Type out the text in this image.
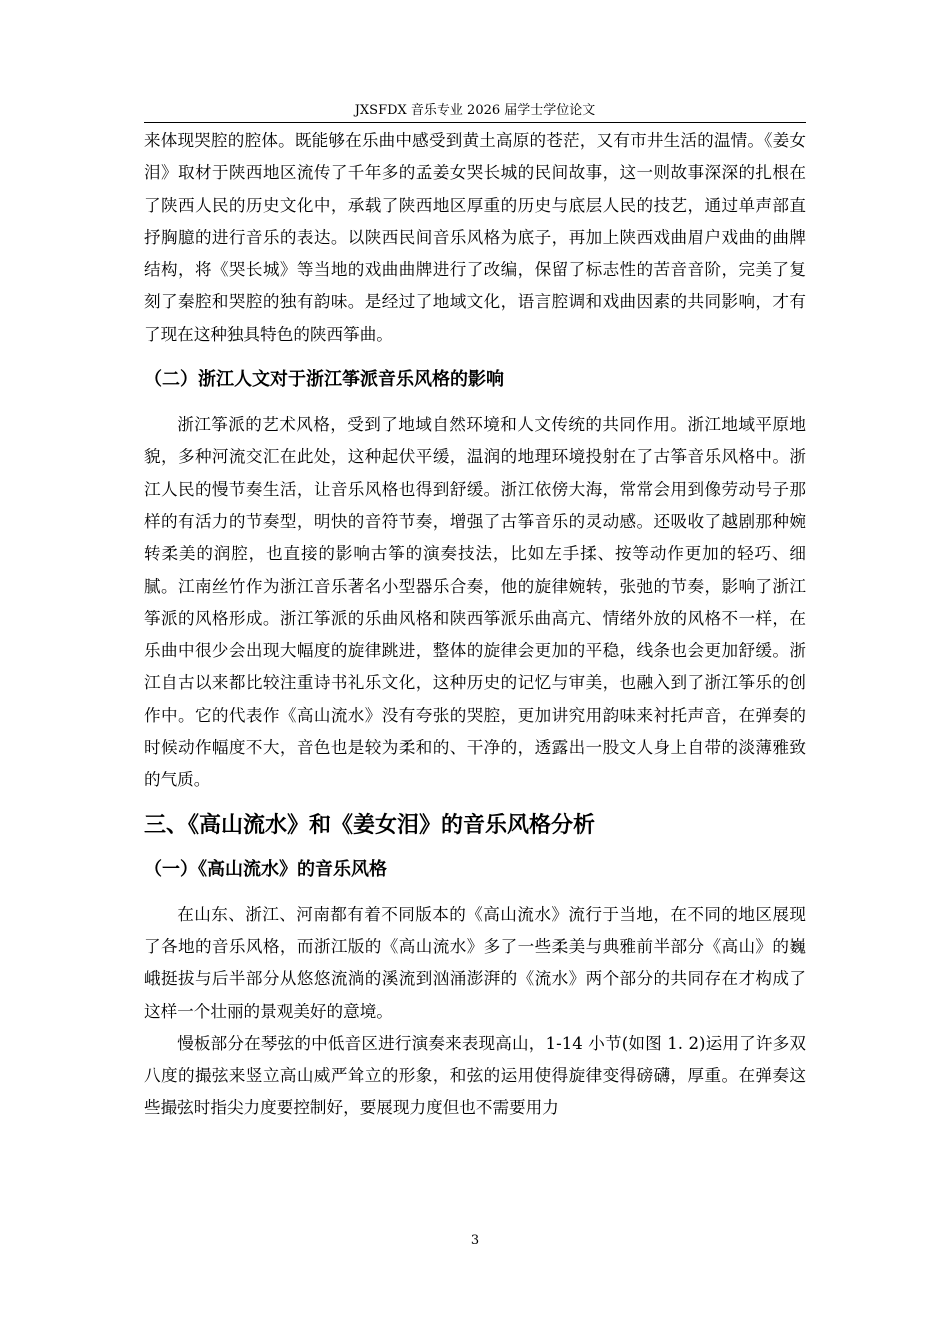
JXSFDX 音乐专业 2026 届学士学位论文

来体现哭腔的腔体。既能够在乐曲中感受到黄土高原的苍茫，又有市井生活的温情。《姜女泪》取材于陕西地区流传了千年多的孟姜女哭长城的民间故事，这一则故事深深的扎根在了陕西人民的历史文化中，承载了陕西地区厚重的历史与底层人民的技艺，通过单声部直抒胸臆的进行音乐的表达。以陕西民间音乐风格为底子，再加上陕西戏曲眉户戏曲的曲牌结构，将《哭长城》等当地的戏曲曲牌进行了改编，保留了标志性的苦音音阶，完美了复刻了秦腔和哭腔的独有韵味。是经过了地域文化，语言腔调和戏曲因素的共同影响，才有了现在这种独具特色的陕西筝曲。

（二）浙江人文对于浙江筝派音乐风格的影响

浙江筝派的艺术风格，受到了地域自然环境和人文传统的共同作用。浙江地域平原地貌，多种河流交汇在此处，这种起伏平缓，温润的地理环境投射在了古筝音乐风格中。浙江人民的慢节奏生活，让音乐风格也得到舒缓。浙江依傍大海，常常会用到像劳动号子那样的有活力的节奏型，明快的音符节奏，增强了古筝音乐的灵动感。还吸收了越剧那种婉转柔美的润腔，也直接的影响古筝的演奏技法，比如左手揉、按等动作更加的轻巧、细腻。江南丝竹作为浙江音乐著名小型器乐合奏，他的旋律婉转，张弛的节奏，影响了浙江筝派的风格形成。浙江筝派的乐曲风格和陕西筝派乐曲高亢、情绪外放的风格不一样，在乐曲中很少会出现大幅度的旋律跳进，整体的旋律会更加的平稳，线条也会更加舒缓。浙江自古以来都比较注重诗书礼乐文化，这种历史的记忆与审美，也融入到了浙江筝乐的创作中。它的代表作《高山流水》没有夸张的哭腔，更加讲究用韵味来衬托声音，在弹奏的时候动作幅度不大，音色也是较为柔和的、干净的，透露出一股文人身上自带的淡薄雅致的气质。

三、《高山流水》和《姜女泪》的音乐风格分析
（一）《高山流水》的音乐风格

在山东、浙江、河南都有着不同版本的《高山流水》流行于当地，在不同的地区展现了各地的音乐风格，而浙江版的《高山流水》多了一些柔美与典雅前半部分《高山》的巍峨挺拔与后半部分从悠悠流淌的溪流到汹涌澎湃的《流水》两个部分的共同存在才构成了这样一个壮丽的景观美好的意境。

慢板部分在琴弦的中低音区进行演奏来表现高山，1-14 小节(如图 1. 2)运用了许多双八度的撮弦来竖立高山威严耸立的形象，和弦的运用使得旋律变得磅礴，厚重。在弹奏这些撮弦时指尖力度要控制好，要展现力度但也不需要用力

3
